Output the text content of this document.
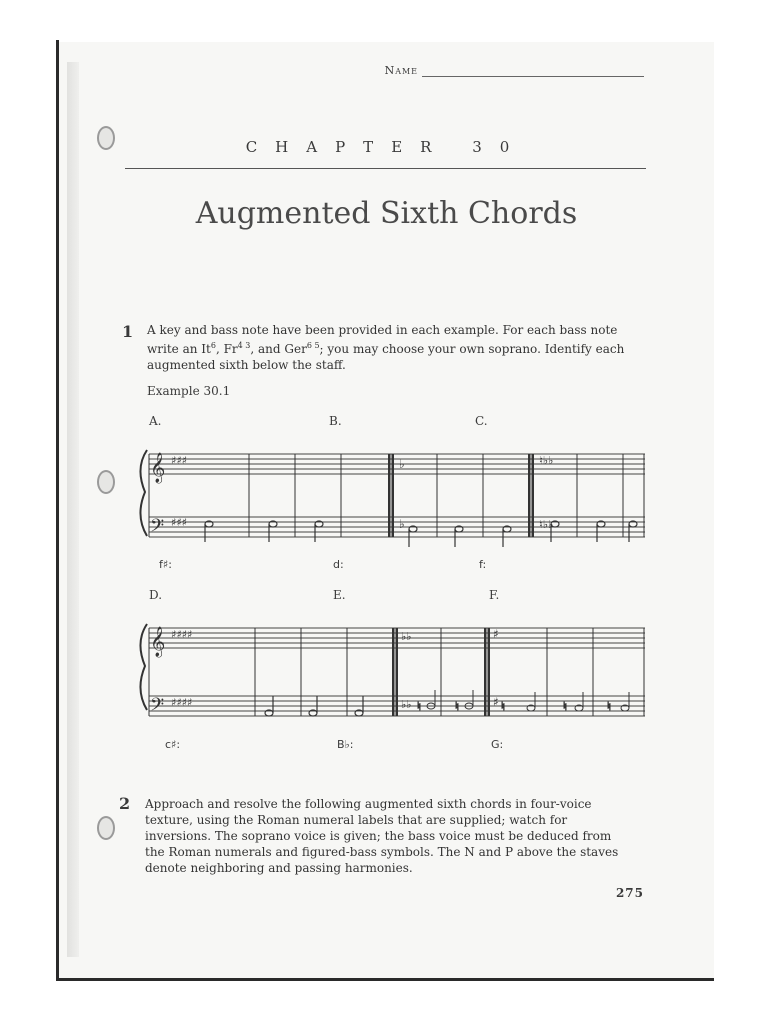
Name
CHAPTER 30
Augmented Sixth Chords
1 A key and bass note have been provided in each example. For each bass note
write an It$^6$, $Fr^{4 3}$, and Ger$^{6 5}$; you may choose your own soprano. Identify each
augmented sixth below the staff.
Example 30.1
A.	B.	C.
𝄞
𝄢
♯♯♯
♯♯♯
♭
♭
♮♭♭
♮♭♭
f♯:	d:	f:
D.	E.	F.
𝄞
𝄢
♯♯♯♯
♯♯♯♯
♭♭
♭♭
♯
♯
♮	♮	♮	♮	♮
c♯:	B♭:	G:
2 Approach and resolve the following augmented sixth chords in four-voice
texture, using the Roman numeral labels that are supplied; watch for
inversions. The soprano voice is given; the bass voice must be deduced from
the Roman numerals and figured-bass symbols. The N and P above the staves
denote neighboring and passing harmonies.
275
